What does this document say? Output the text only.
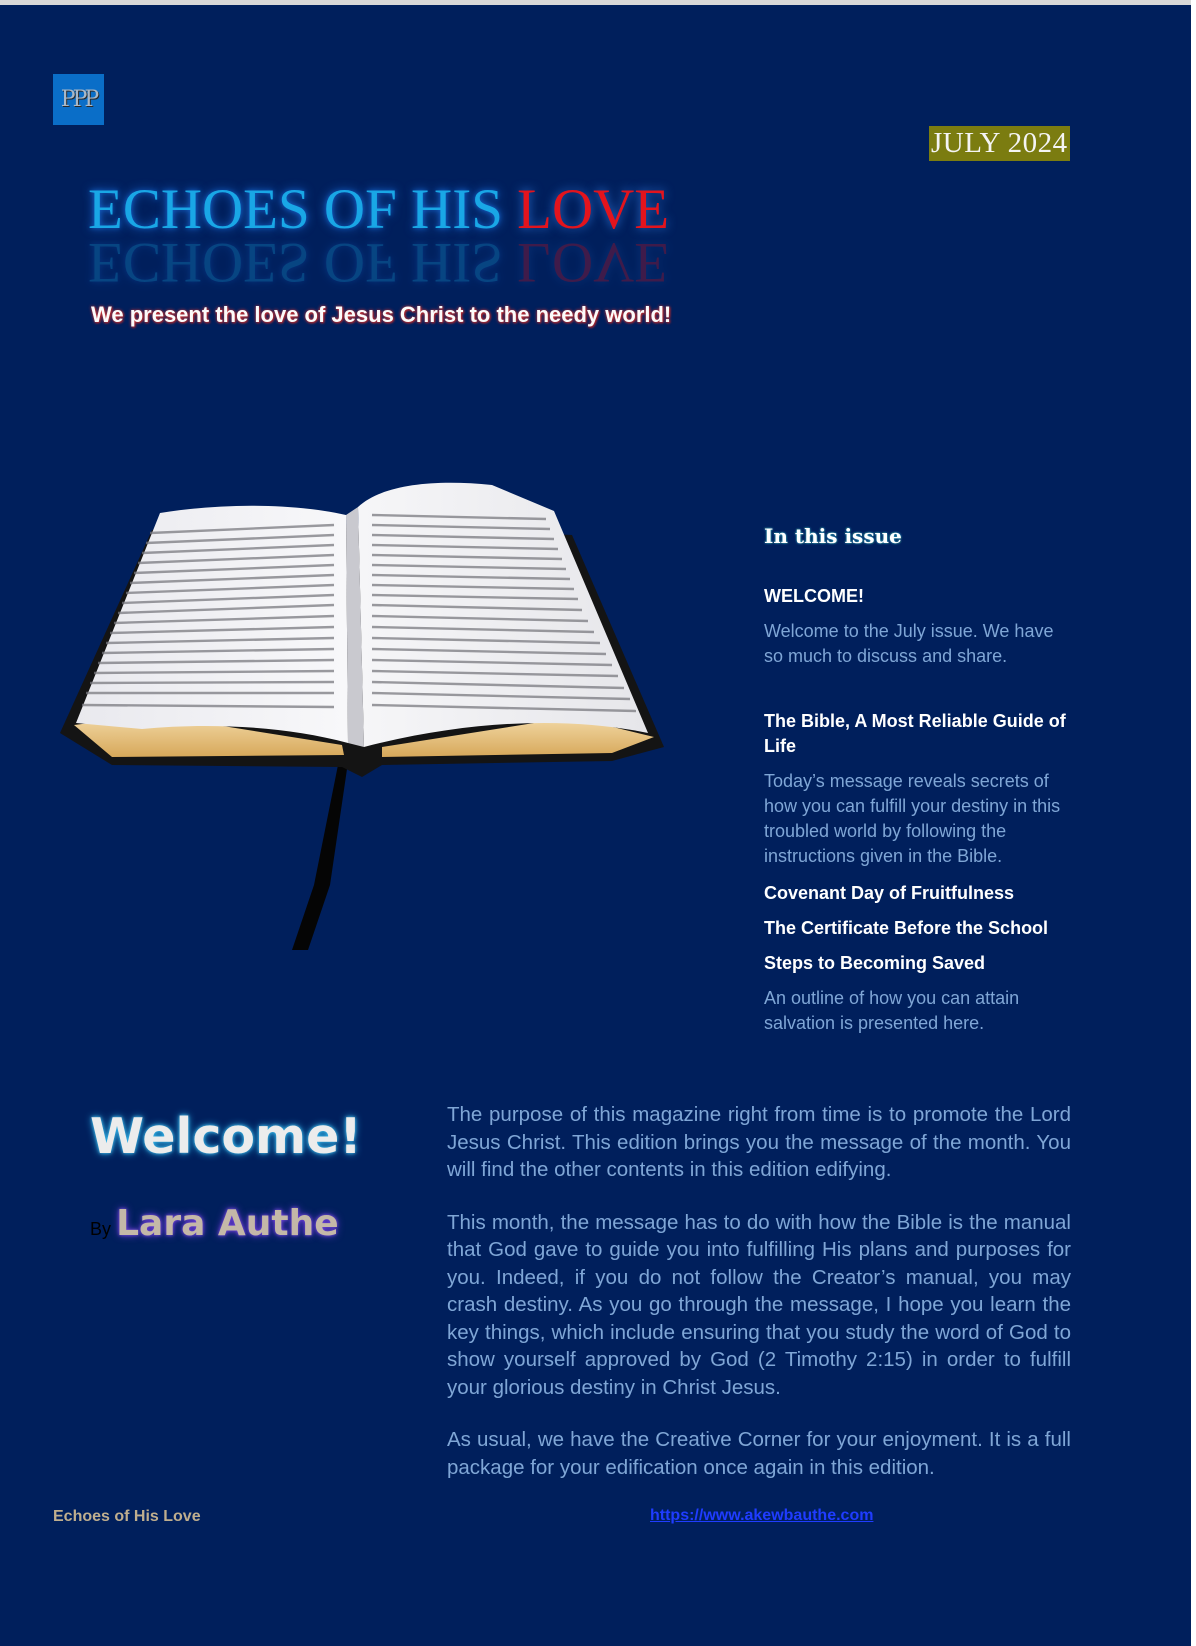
PPP
JULY 2024
ECHOES OF HIS LOVE
ECHOES OF HIS LOVE

We present the love of Jesus Christ to the needy world!

In this issue
WELCOME!
Welcome to the July issue. We have so much to discuss and share.
The Bible, A Most Reliable Guide of Life
Today’s message reveals secrets of how you can fulfill your destiny in this troubled world by following the instructions given in the Bible.
Covenant Day of Fruitfulness
The Certificate Before the School
Steps to Becoming Saved
An outline of how you can attain salvation is presented here.
Welcome!
By Lara Authe

The purpose of this magazine right from time is to promote the Lord Jesus Christ. This edition brings you the message of the month. You will find the other contents in this edition edifying.

This month, the message has to do with how the Bible is the manual that God gave to guide you into fulfilling His plans and purposes for you. Indeed, if you do not follow the Creator’s manual, you may crash destiny. As you go through the message, I hope you learn the key things, which include ensuring that you study the word of God to show yourself approved by God (2 Timothy 2:15) in order to fulfill your glorious destiny in Christ Jesus.

As usual, we have the Creative Corner for your enjoyment. It is a full package for your edification once again in this edition.

Echoes of His Love	https://www.akewbauthe.com
